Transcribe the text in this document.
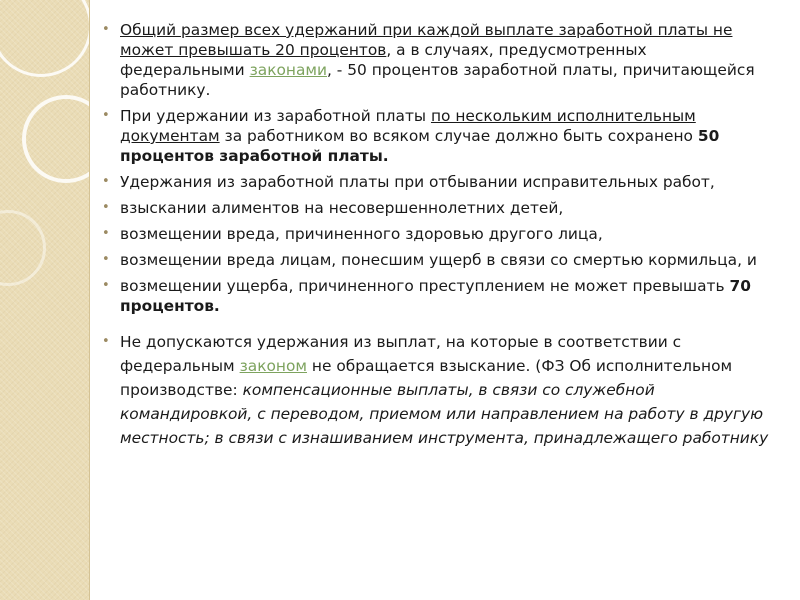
• Общий размер всех удержаний при каждой выплате заработной платы не может превышать 20 процентов, а в случаях, предусмотренных федеральными законами, - 50 процентов заработной платы, причитающейся работнику.
• При удержании из заработной платы по нескольким исполнительным документам за работником во всяком случае должно быть сохранено 50 процентов заработной платы.
• Удержания из заработной платы при отбывании исправительных работ,
• взыскании алиментов на несовершеннолетних детей,
• возмещении вреда, причиненного здоровью другого лица,
• возмещении вреда лицам, понесшим ущерб в связи со смертью кормильца, и
• возмещении ущерба, причиненного преступлением не может превышать 70 процентов.
• Не допускаются удержания из выплат, на которые в соответствии с федеральным законом не обращается взыскание. (ФЗ Об исполнительном производстве: компенсационные выплаты, в связи со служебной командировкой, с переводом, приемом или направлением на работу в другую местность; в связи с изнашиванием инструмента, принадлежащего работнику
